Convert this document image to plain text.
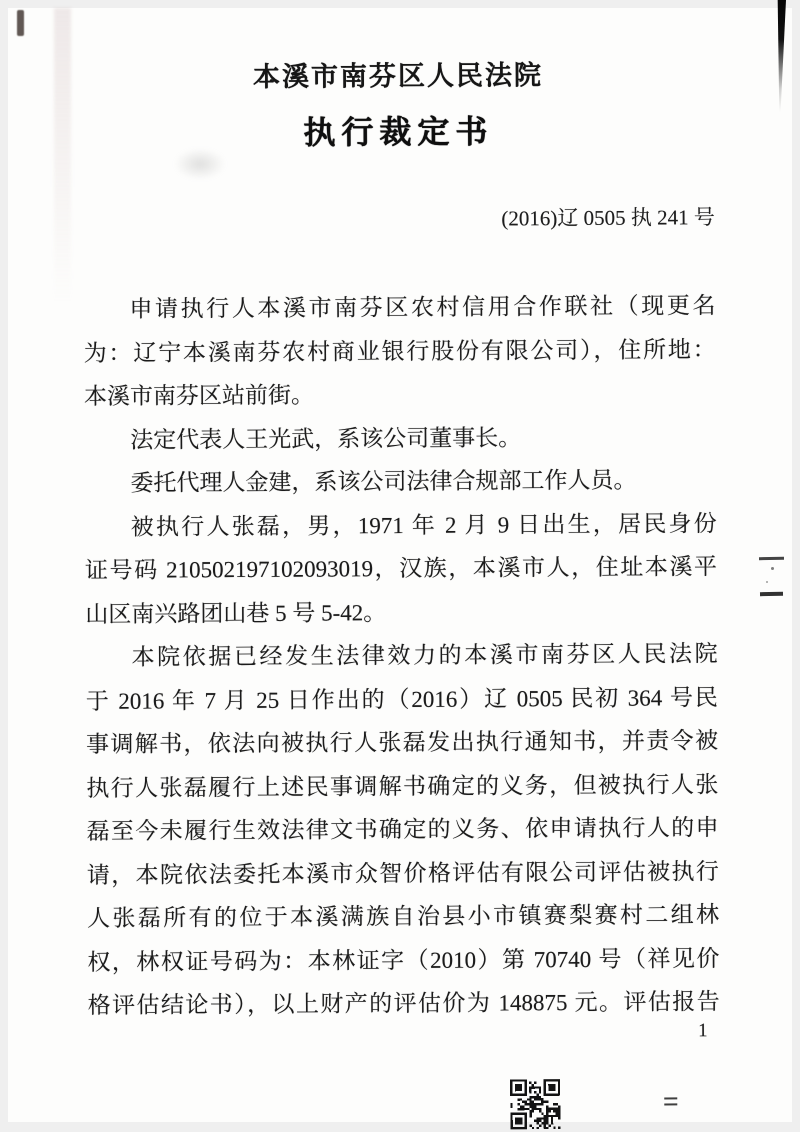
本溪市南芬区人民法院
执行裁定书
(2016)辽 0505 执 241 号
申请执行人本溪市南芬区农村信用合作联社（现更名
为：辽宁本溪南芬农村商业银行股份有限公司），住所地：
本溪市南芬区站前街。
法定代表人王光武，系该公司董事长。
委托代理人金建，系该公司法律合规部工作人员。
被执行人张磊，男，1971 年 2 月 9 日出生，居民身份
证号码 210502197102093019，汉族，本溪市人，住址本溪平
山区南兴路团山巷 5 号 5-42。
本院依据已经发生法律效力的本溪市南芬区人民法院
于 2016 年 7 月 25 日作出的（2016）辽 0505 民初 364 号民
事调解书，依法向被执行人张磊发出执行通知书，并责令被
执行人张磊履行上述民事调解书确定的义务，但被执行人张
磊至今未履行生效法律文书确定的义务、依申请执行人的申
请，本院依法委托本溪市众智价格评估有限公司评估被执行
人张磊所有的位于本溪满族自治县小市镇赛梨赛村二组林
权，林权证号码为：本林证字（2010）第 70740 号（祥见价
格评估结论书），以上财产的评估价为 148875 元。评估报告
1
